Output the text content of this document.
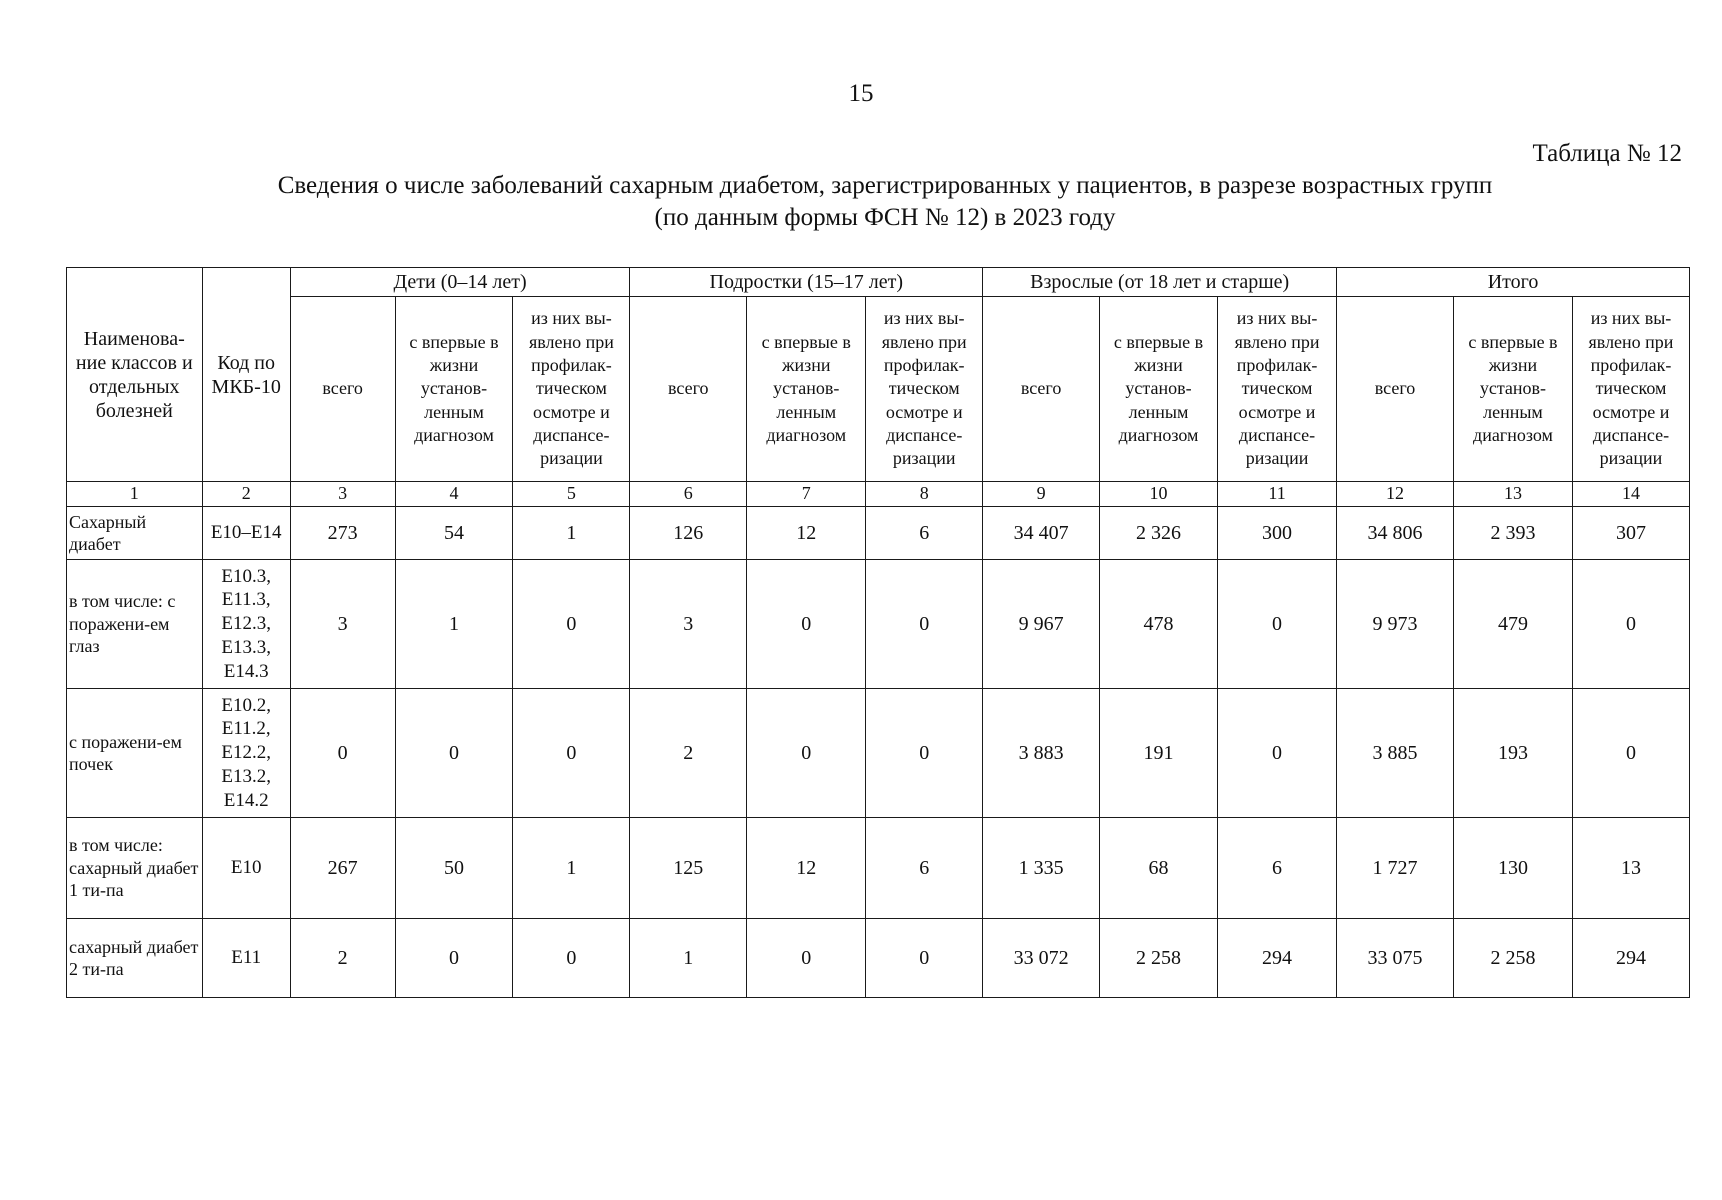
15
Таблица № 12
Сведения о числе заболеваний сахарным диабетом, зарегистрированных у пациентов, в разрезе возрастных групп
(по данным формы ФСН № 12) в 2023 году
Наименова-ние классов и отдельных болезней	Код по МКБ-10	Дети (0–14 лет)			Подростки (15–17 лет)			Взрослые (от 18 лет и старше)			Итого		
		всего	с впервые в жизни установ-ленным диагнозом	из них вы-явлено при профилак-тическом осмотре и диспансе-ризации	всего	с впервые в жизни установ-ленным диагнозом	из них вы-явлено при профилак-тическом осмотре и диспансе-ризации	всего	с впервые в жизни установ-ленным диагнозом	из них вы-явлено при профилак-тическом осмотре и диспансе-ризации	всего	с впервые в жизни установ-ленным диагнозом	из них вы-явлено при профилак-тическом осмотре и диспансе-ризации
1	2	3	4	5	6	7	8	9	10	11	12	13	14
Сахарный диабет	E10–E14	273	54	1	126	12	6	34 407	2 326	300	34 806	2 393	307
в том числе: с поражени-ем глаз	E10.3, E11.3, E12.3, E13.3, E14.3	3	1	0	3	0	0	9 967	478	0	9 973	479	0
с поражени-ем почек	E10.2, E11.2, E12.2, E13.2, E14.2	0	0	0	2	0	0	3 883	191	0	3 885	193	0
в том числе: сахарный диабет 1 ти-па	E10	267	50	1	125	12	6	1 335	68	6	1 727	130	13
сахарный диабет 2 ти-па	E11	2	0	0	1	0	0	33 072	2 258	294	33 075	2 258	294
